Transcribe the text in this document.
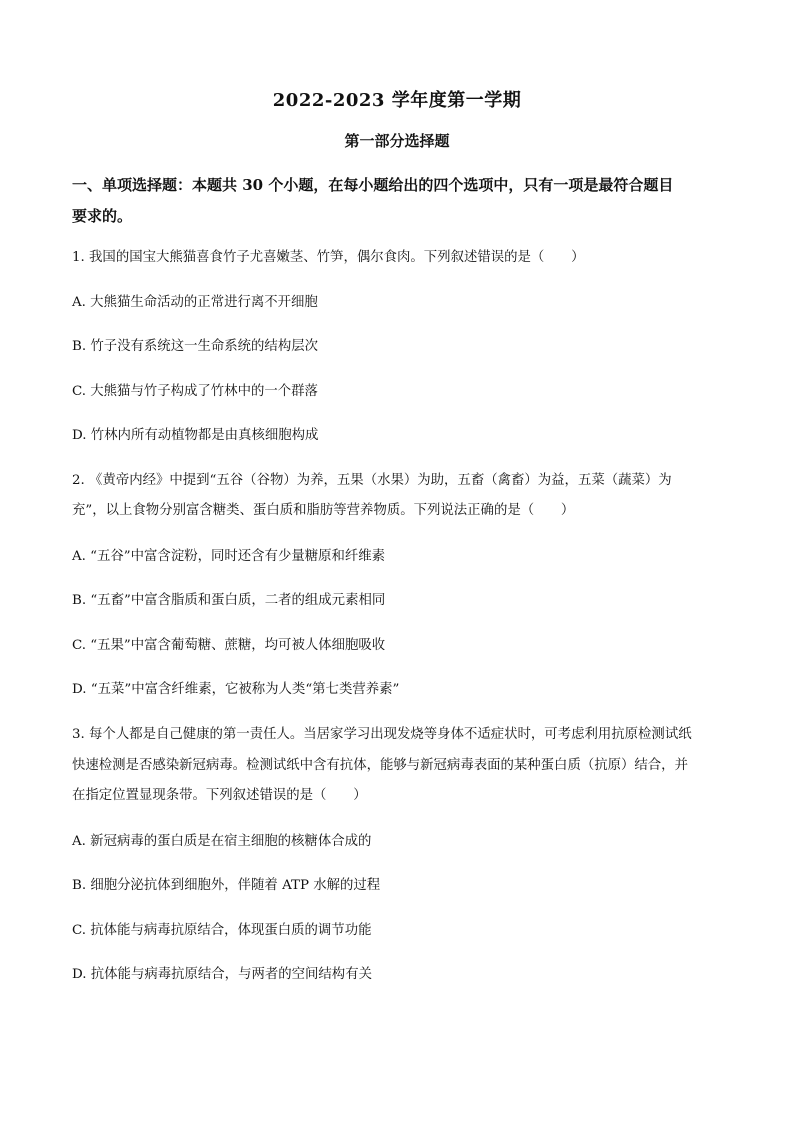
2022-2023 学年度第一学期
第一部分选择题
一、单项选择题：本题共 30 个小题，在每小题给出的四个选项中，只有一项是最符合题目
要求的。
1. 我国的国宝大熊猫喜食竹子尤喜嫩茎、竹笋，偶尔食肉。下列叙述错误的是（　　）
A. 大熊猫生命活动的正常进行离不开细胞
B. 竹子没有系统这一生命系统的结构层次
C. 大熊猫与竹子构成了竹林中的一个群落
D. 竹林内所有动植物都是由真核细胞构成
2. 《黄帝内经》中提到“五谷（谷物）为养，五果（水果）为助，五畜（禽畜）为益，五菜（蔬菜）为
充”，以上食物分别富含糖类、蛋白质和脂肪等营养物质。下列说法正确的是（　　）
A. “五谷”中富含淀粉，同时还含有少量糖原和纤维素
B. “五畜”中富含脂质和蛋白质，二者的组成元素相同
C. “五果”中富含葡萄糖、蔗糖，均可被人体细胞吸收
D. “五菜”中富含纤维素，它被称为人类“第七类营养素”
3. 每个人都是自己健康的第一责任人。当居家学习出现发烧等身体不适症状时，可考虑利用抗原检测试纸
快速检测是否感染新冠病毒。检测试纸中含有抗体，能够与新冠病毒表面的某种蛋白质（抗原）结合，并
在指定位置显现条带。下列叙述错误的是（　　）
A. 新冠病毒的蛋白质是在宿主细胞的核糖体合成的
B. 细胞分泌抗体到细胞外，伴随着 ATP 水解的过程
C. 抗体能与病毒抗原结合，体现蛋白质的调节功能
D. 抗体能与病毒抗原结合，与两者的空间结构有关
